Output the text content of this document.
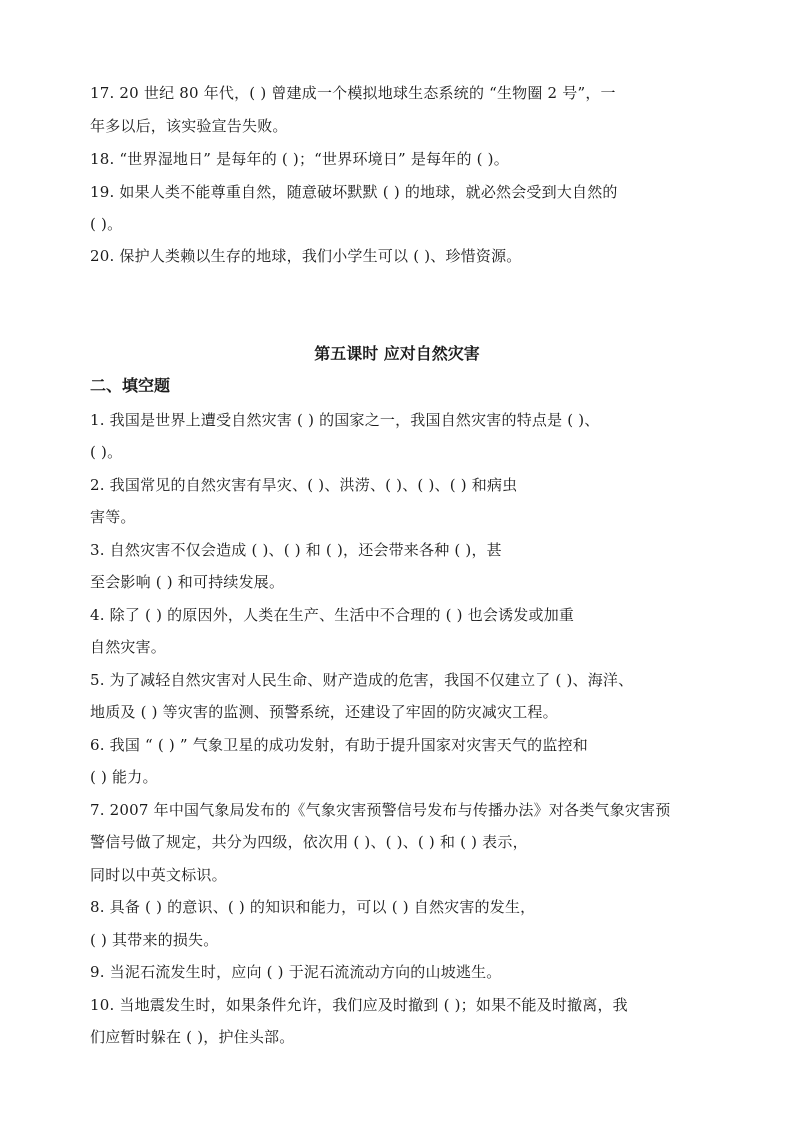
17. 20 世纪 80 年代，( ) 曾建成一个模拟地球生态系统的 “生物圈 2 号”，一
年多以后，该实验宣告失败。
18. “世界湿地日” 是每年的 ( )；“世界环境日” 是每年的 ( )。
19. 如果人类不能尊重自然，随意破坏默默 ( ) 的地球，就必然会受到大自然的
( )。
20. 保护人类赖以生存的地球，我们小学生可以 ( )、珍惜资源。
第五课时 应对自然灾害
二、填空题
1. 我国是世界上遭受自然灾害 ( ) 的国家之一，我国自然灾害的特点是 ( )、
( )。
2. 我国常见的自然灾害有旱灾、( )、洪涝、( )、( )、( ) 和病虫
害等。
3. 自然灾害不仅会造成 ( )、( ) 和 ( )，还会带来各种 ( )，甚
至会影响 ( ) 和可持续发展。
4. 除了 ( ) 的原因外，人类在生产、生活中不合理的 ( ) 也会诱发或加重
自然灾害。
5. 为了减轻自然灾害对人民生命、财产造成的危害，我国不仅建立了 ( )、海洋、
地质及 ( ) 等灾害的监测、预警系统，还建设了牢固的防灾减灾工程。
6. 我国 “ ( ) ” 气象卫星的成功发射，有助于提升国家对灾害天气的监控和
( ) 能力。
7. 2007 年中国气象局发布的《气象灾害预警信号发布与传播办法》对各类气象灾害预
警信号做了规定，共分为四级，依次用 ( )、( )、( ) 和 ( ) 表示，
同时以中英文标识。
8. 具备 ( ) 的意识、( ) 的知识和能力，可以 ( ) 自然灾害的发生，
( ) 其带来的损失。
9. 当泥石流发生时，应向 ( ) 于泥石流流动方向的山坡逃生。
10. 当地震发生时，如果条件允许，我们应及时撤到 ( )；如果不能及时撤离，我
们应暂时躲在 ( )，护住头部。
